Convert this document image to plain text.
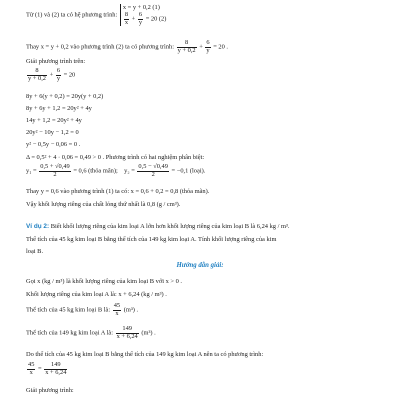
Từ (1) và (2) ta có hệ phương trình:
x = y + 0,2 (1)
$\frac{8}{x} + \frac{6}{y} = 20$ (2)
Thay x = y + 0,2 vào phương trình (2) ta có phương trình: $\frac{8}{y + 0,2} + \frac{6}{y} = 20$ .
Giải phương trình trên:
$\frac{8}{y + 0,2} + \frac{6}{y} = 20$
8y + 6(y + 0,2) = 20y(y + 0,2)
8y + 6y + 1,2 = 20y² + 4y
14y + 1,2 = 20y² + 4y
20y² − 10y − 1,2 = 0
y² − 0,5y − 0,06 = 0 .
Δ = 0,5² + 4 · 0,06 = 0,49 > 0 . Phương trình có hai nghiệm phân biệt:
$y_1 = \frac{0,5 + √0,49}{2} = 0,6$ (thỏa mãn); $y_2 = \frac{0,5 - √0,49}{2} = -0,1$ (loại).
Thay y = 0,6 vào phương trình (1) ta có: x = 0,6 + 0,2 = 0,8 (thỏa mãn).
Vậy khối lượng riêng của chất lỏng thứ nhất là 0,8 (g / cm³).
Ví dụ 2: Biết khối lượng riêng của kim loại A lớn hơn khối lượng riêng của kim loại B là 6,24 kg / m³.
Thể tích của 45 kg kim loại B bằng thể tích của 149 kg kim loại A. Tính khối lượng riêng của kim
loại B.
Hướng dẫn giải:
Gọi x (kg / m³) là khối lượng riêng của kim loại B với x > 0 .
Khối lượng riêng của kim loại A là: x + 6,24 (kg / m³) .
Thể tích của 45 kg kim loại B là: $\frac{45}{x} (m^3)$ .
Thể tích của 149 kg kim loại A là: $\frac{149}{x + 6,24} (m^3)$ .
Do thể tích của 45 kg kim loại B bằng thể tích của 149 kg kim loại A nên ta có phương trình:
$\frac{45}{x} = \frac{149}{x + 6,24}$
Giải phương trình:
